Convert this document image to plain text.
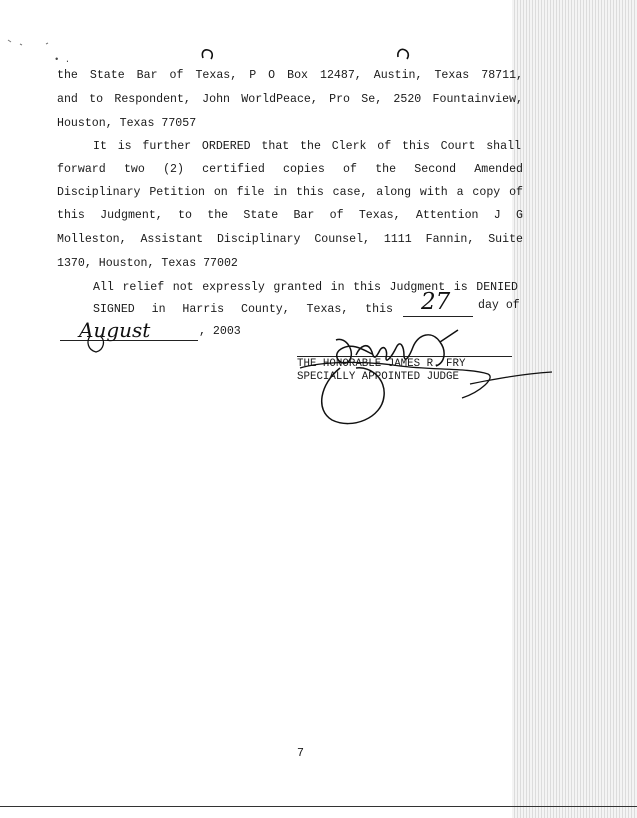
• .
the State Bar of Texas, P O Box 12487, Austin, Texas 78711,
and to Respondent, John WorldPeace, Pro Se, 2520 Fountainview,
Houston, Texas 77057
It is further ORDERED that the Clerk of this Court shall
forward two (2) certified copies of the Second Amended
Disciplinary Petition on file in this case, along with a copy of
this Judgment, to the State Bar of Texas, Attention J G
Molleston, Assistant Disciplinary Counsel, 1111 Fannin, Suite
1370, Houston, Texas 77002
All relief not expressly granted in this Judgment is DENIED
SIGNED in Harris County, Texas, this	day of
27
August	, 2003
THE HONORABLE JAMES R. FRY
SPECIALLY APPOINTED JUDGE
7
